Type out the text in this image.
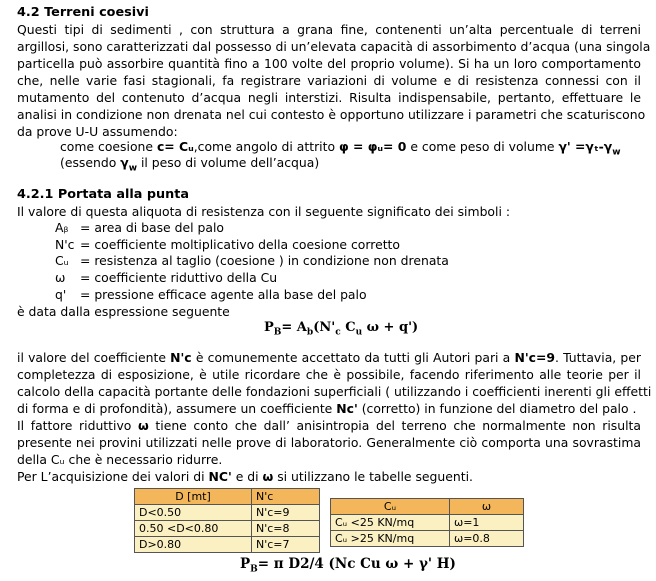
4.2 Terreni coesivi
Questi tipi di sedimenti , con struttura a grana fine, contenenti un’alta percentuale di terreni
argillosi, sono caratterizzati dal possesso di un’elevata capacità di assorbimento d’acqua (una singola
particella può assorbire quantità fino a 100 volte del proprio volume). Si ha un loro comportamento
che, nelle varie fasi stagionali, fa registrare variazioni di volume e di resistenza connessi con il
mutamento del contenuto d’acqua negli interstizi. Risulta indispensabile, pertanto, effettuare le
analisi in condizione non drenata nel cui contesto è opportuno utilizzare i parametri che scaturiscono
da prove U-U assumendo:
come coesione c= Cᵤ,come angolo di attrito φ = φᵤ= 0 e come peso di volume $\gamma' =\gamma_t-\gamma_w$
(essendo $\gamma_w$ il peso di volume dell’acqua)
4.2.1 Portata alla punta
Il valore di questa aliquota di resistenza con il seguente significato dei simboli :
Aᵦ = area di base del palo
N'c = coefficiente moltiplicativo della coesione corretto
Cᵤ = resistenza al taglio (coesione ) in condizione non drenata
ω	= coefficiente riduttivo della Cu
q'	= pressione efficace agente alla base del palo
è data dalla espressione seguente
$P_B= A_b(N'_c$ $C_u$ ω + q')
il valore del coefficiente N'c è comunemente accettato da tutti gli Autori pari a N'c=9. Tuttavia, per
completezza di esposizione, è utile ricordare che è possibile, facendo riferimento alle teorie per il
calcolo della capacità portante delle fondazioni superficiali ( utilizzando i coefficienti inerenti gli effetti
di forma e di profondità), assumere un coefficiente Nc' (corretto) in funzione del diametro del palo .
Il fattore riduttivo ω tiene conto che dall’ anisintropia del terreno che normalmente non risulta
presente nei provini utilizzati nelle prove di laboratorio. Generalmente ciò comporta una sovrastima
della Cᵤ che è necessario ridurre.
Per L’acquisizione dei valori di NC' e di ω si utilizzano le tabelle seguenti.
D [mt]	N'c
D<0.50	N'c=9
0.50 <D<0.80	N'c=8
D>0.80	N'c=7
Cᵤ	ω
Cᵤ <25 KN/mq	ω=1
Cᵤ >25 KN/mq	ω=0.8
$P_B= \pi$ D2/4 (Nc Cu ω + γ' H)
